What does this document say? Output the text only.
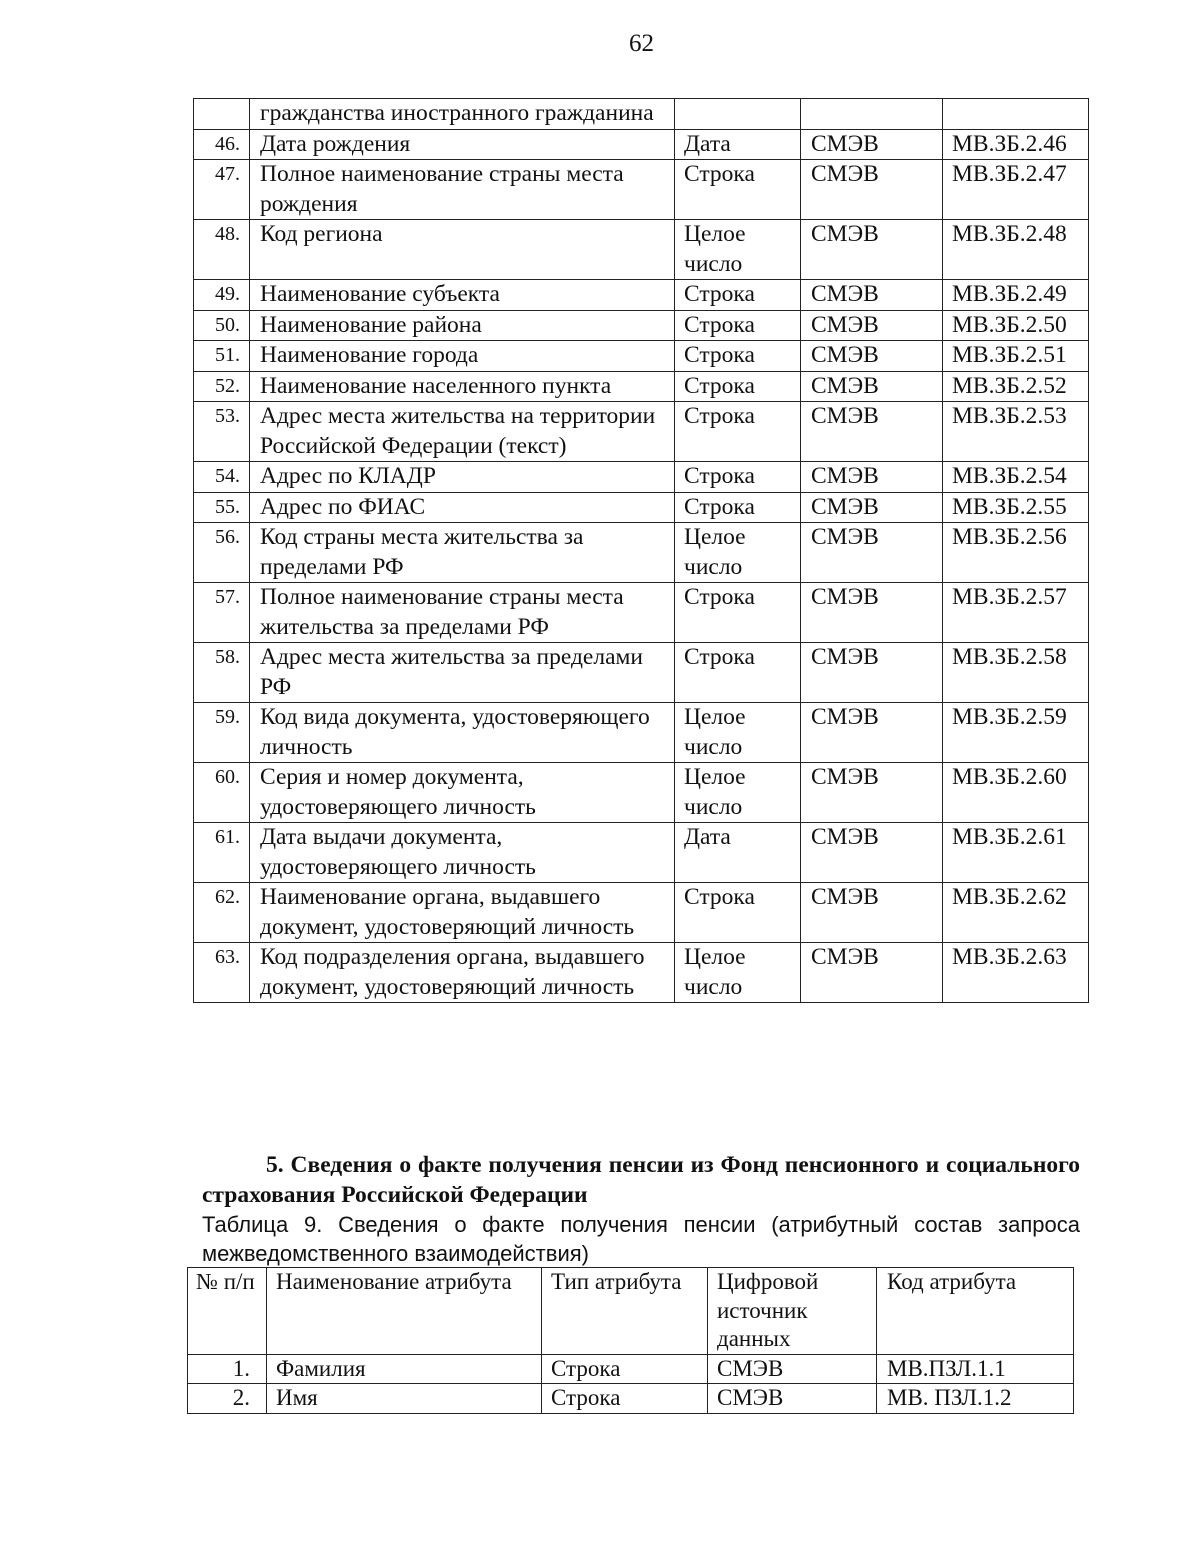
62
	гражданства иностранного гражданина			
46.	Дата рождения	Дата	СМЭВ	МВ.ЗБ.2.46
47.	Полное наименование страны места рождения	Строка	СМЭВ	МВ.ЗБ.2.47
48.	Код региона	Целое число	СМЭВ	МВ.ЗБ.2.48
49.	Наименование субъекта	Строка	СМЭВ	МВ.ЗБ.2.49
50.	Наименование района	Строка	СМЭВ	МВ.ЗБ.2.50
51.	Наименование города	Строка	СМЭВ	МВ.ЗБ.2.51
52.	Наименование населенного пункта	Строка	СМЭВ	МВ.ЗБ.2.52
53.	Адрес места жительства на территории Российской Федерации (текст)	Строка	СМЭВ	МВ.ЗБ.2.53
54.	Адрес по КЛАДР	Строка	СМЭВ	МВ.ЗБ.2.54
55.	Адрес по ФИАС	Строка	СМЭВ	МВ.ЗБ.2.55
56.	Код страны места жительства за пределами РФ	Целое число	СМЭВ	МВ.ЗБ.2.56
57.	Полное наименование страны места жительства за пределами РФ	Строка	СМЭВ	МВ.ЗБ.2.57
58.	Адрес места жительства за пределами РФ	Строка	СМЭВ	МВ.ЗБ.2.58
59.	Код вида документа, удостоверяющего личность	Целое число	СМЭВ	МВ.ЗБ.2.59
60.	Серия и номер документа, удостоверяющего личность	Целое число	СМЭВ	МВ.ЗБ.2.60
61.	Дата выдачи документа, удостоверяющего личность	Дата	СМЭВ	МВ.ЗБ.2.61
62.	Наименование органа, выдавшего документ, удостоверяющий личность	Строка	СМЭВ	МВ.ЗБ.2.62
63.	Код подразделения органа, выдавшего документ, удостоверяющий личность	Целое число	СМЭВ	МВ.ЗБ.2.63
5. Сведения о факте получения пенсии из Фонд пенсионного и социального страхования Российской Федерации
Таблица 9. Сведения о факте получения пенсии (атрибутный состав запроса межведомственного взаимодействия)
№ п/п	Наименование атрибута	Тип атрибута	Цифровой источник данных	Код атрибута
1.	Фамилия	Строка	СМЭВ	МВ.ПЗЛ.1.1
2.	Имя	Строка	СМЭВ	МВ. ПЗЛ.1.2
